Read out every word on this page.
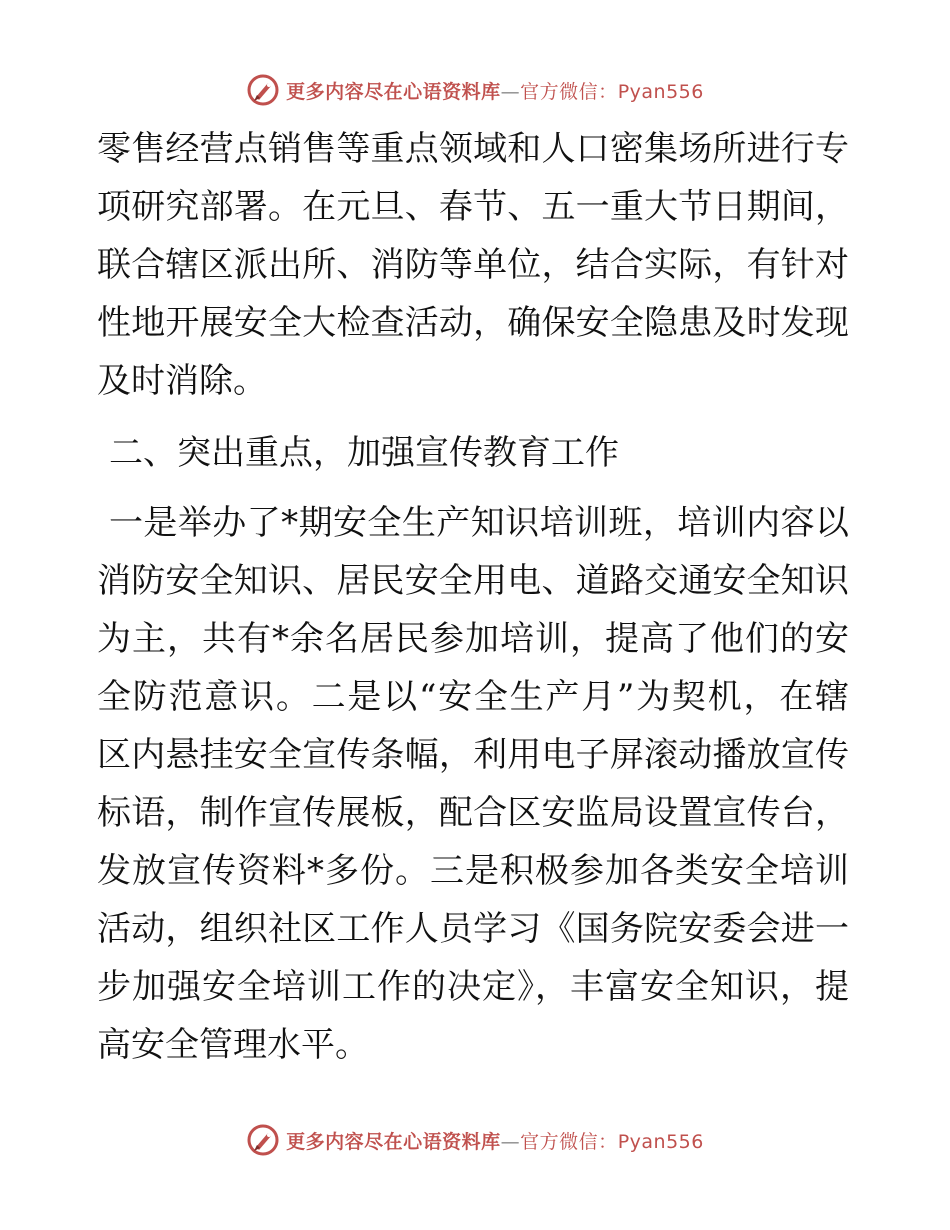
更多内容尽在心语资料库—官方微信：Pyan556
零售经营点销售等重点领域和人口密集场所进行专
项研究部署。在元旦、春节、五一重大节日期间，
联合辖区派出所、消防等单位，结合实际，有针对
性地开展安全大检查活动，确保安全隐患及时发现
及时消除。
二、突出重点，加强宣传教育工作
一是举办了*期安全生产知识培训班，培训内容以
消防安全知识、居民安全用电、道路交通安全知识
为主，共有*余名居民参加培训，提高了他们的安
全防范意识。二是以“安全生产月”为契机，在辖
区内悬挂安全宣传条幅，利用电子屏滚动播放宣传
标语，制作宣传展板，配合区安监局设置宣传台，
发放宣传资料*多份。三是积极参加各类安全培训
活动，组织社区工作人员学习《国务院安委会进一
步加强安全培训工作的决定》，丰富安全知识，提
高安全管理水平。
更多内容尽在心语资料库—官方微信：Pyan556
